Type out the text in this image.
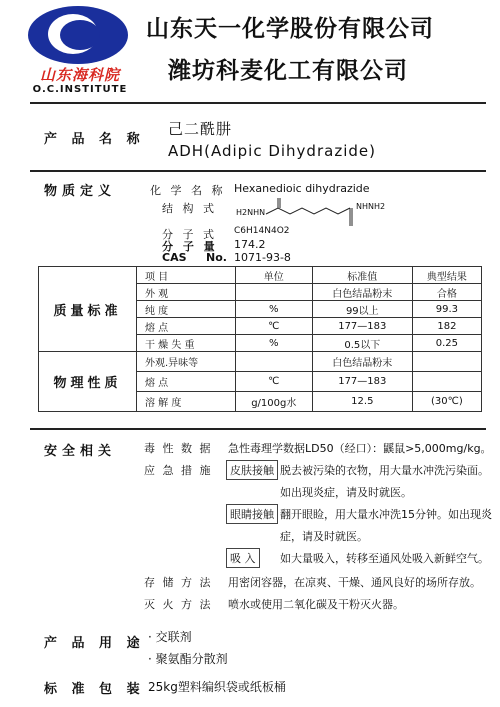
山东海科院
O.C.INSTITUTE
山东天一化学股份有限公司
潍坊科麦化工有限公司
产 品 名 称
己二酰肼
ADH(Adipic Dihydrazide)
物质定义	化 学 名 称 Hexanedioic dihydrazide
结 构 式 H2NHN
NHNH2
分 子 式 C6H14N4O2
分 子 量 174.2
CAS No. 1071-93-8
质量标准	项 目	单位	标准值	典型结果
	外 观		白色结晶粉末	合格
	纯 度	%	99以上	99.3
	熔 点	℃	177—183	182
	干 燥 失 重	%	0.5以下	0.25
物理性质	外观.异味等		白色结晶粉末	
	熔 点	℃	177—183	
	溶 解 度	g/100g水	12.5	(30℃)
安全相关	毒 性 数 据 急性毒理学数据LD50（经口）：鼷鼠>5,000mg/kg。
应 急 措 施	皮肤接触 脱去被污染的衣物，用大量水冲洗污染面。
如出现炎症，请及时就医。
眼睛接触 翻开眼睑，用大量水冲洗15分钟。如出现炎
症，请及时就医。
吸 入	如大量吸入，转移至通风处吸入新鲜空气。
存 储 方 法 用密闭容器，在凉爽、干燥、通风良好的场所存放。
灭 火 方 法 喷水或使用二氧化碳及干粉灭火器。
产 品 用 途 · 交联剂
· 聚氨酯分散剂
标 准 包 装 25kg塑料编织袋或纸板桶
